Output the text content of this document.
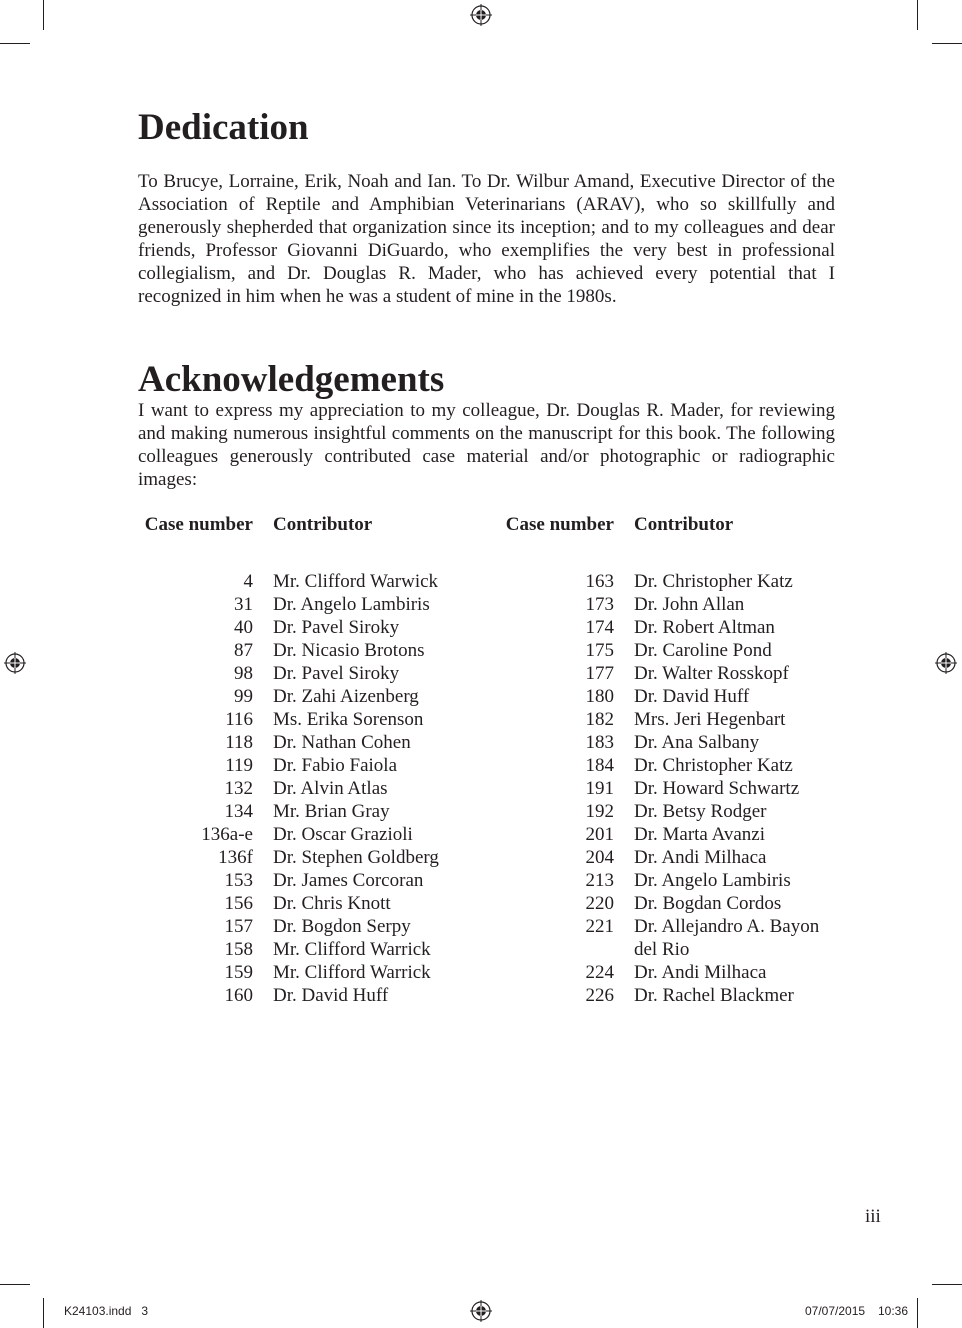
Dedication

To Brucye, Lorraine, Erik, Noah and Ian. To Dr. Wilbur Amand, Executive Director of the Association of Reptile and Amphibian Veterinarians (ARAV), who so skillfully and generously shepherded that organization since its inception; and to my colleagues and dear friends, Professor Giovanni DiGuardo, who exemplifies the very best in professional collegialism, and Dr. Douglas R. Mader, who has achieved every potential that I recognized in him when he was a student of mine in the 1980s.

Acknowledgements

I want to express my appreciation to my colleague, Dr. Douglas R. Mader, for reviewing and making numerous insightful comments on the manuscript for this book. The following colleagues generously contributed case material and/or photographic or radiographic images:

Case number Contributor
4 Mr. Clifford Warwick
31 Dr. Angelo Lambiris
40 Dr. Pavel Siroky
87 Dr. Nicasio Brotons
98 Dr. Pavel Siroky
99 Dr. Zahi Aizenberg
116 Ms. Erika Sorenson
118 Dr. Nathan Cohen
119 Dr. Fabio Faiola
132 Dr. Alvin Atlas
134 Mr. Brian Gray
136a-e Dr. Oscar Grazioli
136f Dr. Stephen Goldberg
153 Dr. James Corcoran
156 Dr. Chris Knott
157 Dr. Bogdon Serpy
158 Mr. Clifford Warrick
159 Mr. Clifford Warrick
160 Dr. David Huff
Case number Contributor
163 Dr. Christopher Katz
173 Dr. John Allan
174 Dr. Robert Altman
175 Dr. Caroline Pond
177 Dr. Walter Rosskopf
180 Dr. David Huff
182 Mrs. Jeri Hegenbart
183 Dr. Ana Salbany
184 Dr. Christopher Katz
191 Dr. Howard Schwartz
192 Dr. Betsy Rodger
201 Dr. Marta Avanzi
204 Dr. Andi Milhaca
213 Dr. Angelo Lambiris
220 Dr. Bogdan Cordos
221 Dr. Allejandro A. Bayon del Rio
224 Dr. Andi Milhaca
226 Dr. Rachel Blackmer
iii
K24103.indd   3	07/07/2015 10:36
